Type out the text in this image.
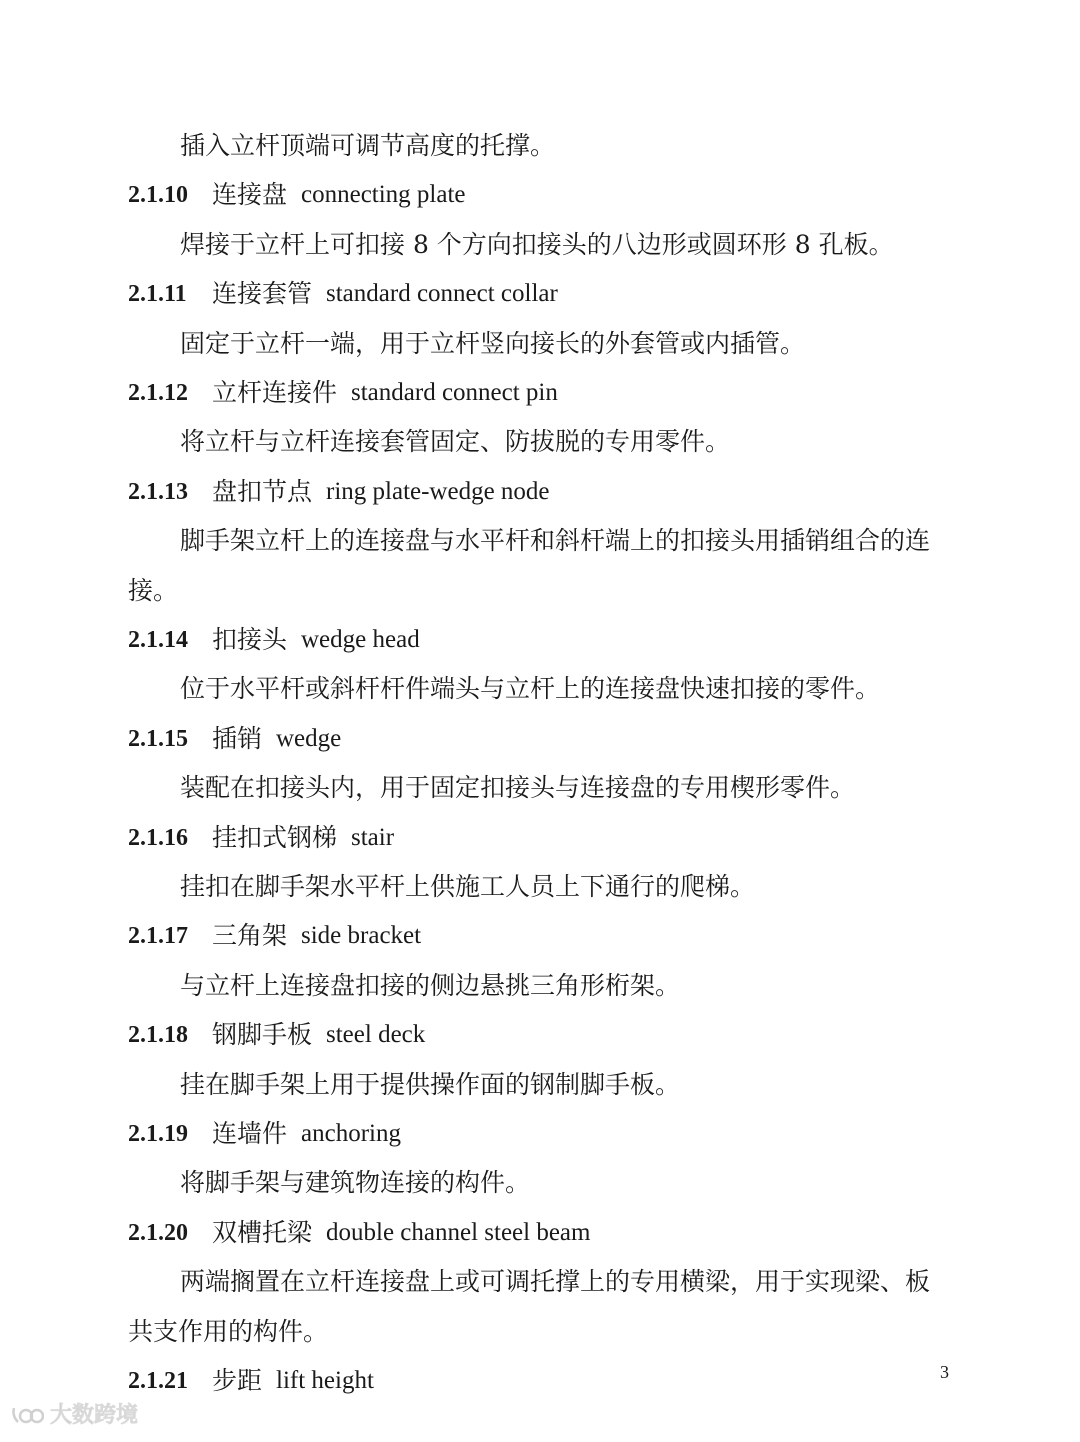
插入立杆顶端可调节高度的托撑。
2.1.10 连接盘 connecting plate
焊接于立杆上可扣接 8 个方向扣接头的八边形或圆环形 8 孔板。
2.1.11 连接套管 standard connect collar
固定于立杆一端，用于立杆竖向接长的外套管或内插管。
2.1.12 立杆连接件 standard connect pin
将立杆与立杆连接套管固定、防拔脱的专用零件。
2.1.13 盘扣节点 ring plate-wedge node
脚手架立杆上的连接盘与水平杆和斜杆端上的扣接头用插销组合的连
接。
2.1.14 扣接头 wedge head
位于水平杆或斜杆杆件端头与立杆上的连接盘快速扣接的零件。
2.1.15 插销 wedge
装配在扣接头内，用于固定扣接头与连接盘的专用楔形零件。
2.1.16 挂扣式钢梯 stair
挂扣在脚手架水平杆上供施工人员上下通行的爬梯。
2.1.17 三角架 side bracket
与立杆上连接盘扣接的侧边悬挑三角形桁架。
2.1.18 钢脚手板 steel deck
挂在脚手架上用于提供操作面的钢制脚手板。
2.1.19 连墙件 anchoring
将脚手架与建筑物连接的构件。
2.1.20 双槽托梁 double channel steel beam
两端搁置在立杆连接盘上或可调托撑上的专用横梁，用于实现梁、板
共支作用的构件。
2.1.21 步距 lift height	3
大数跨境
